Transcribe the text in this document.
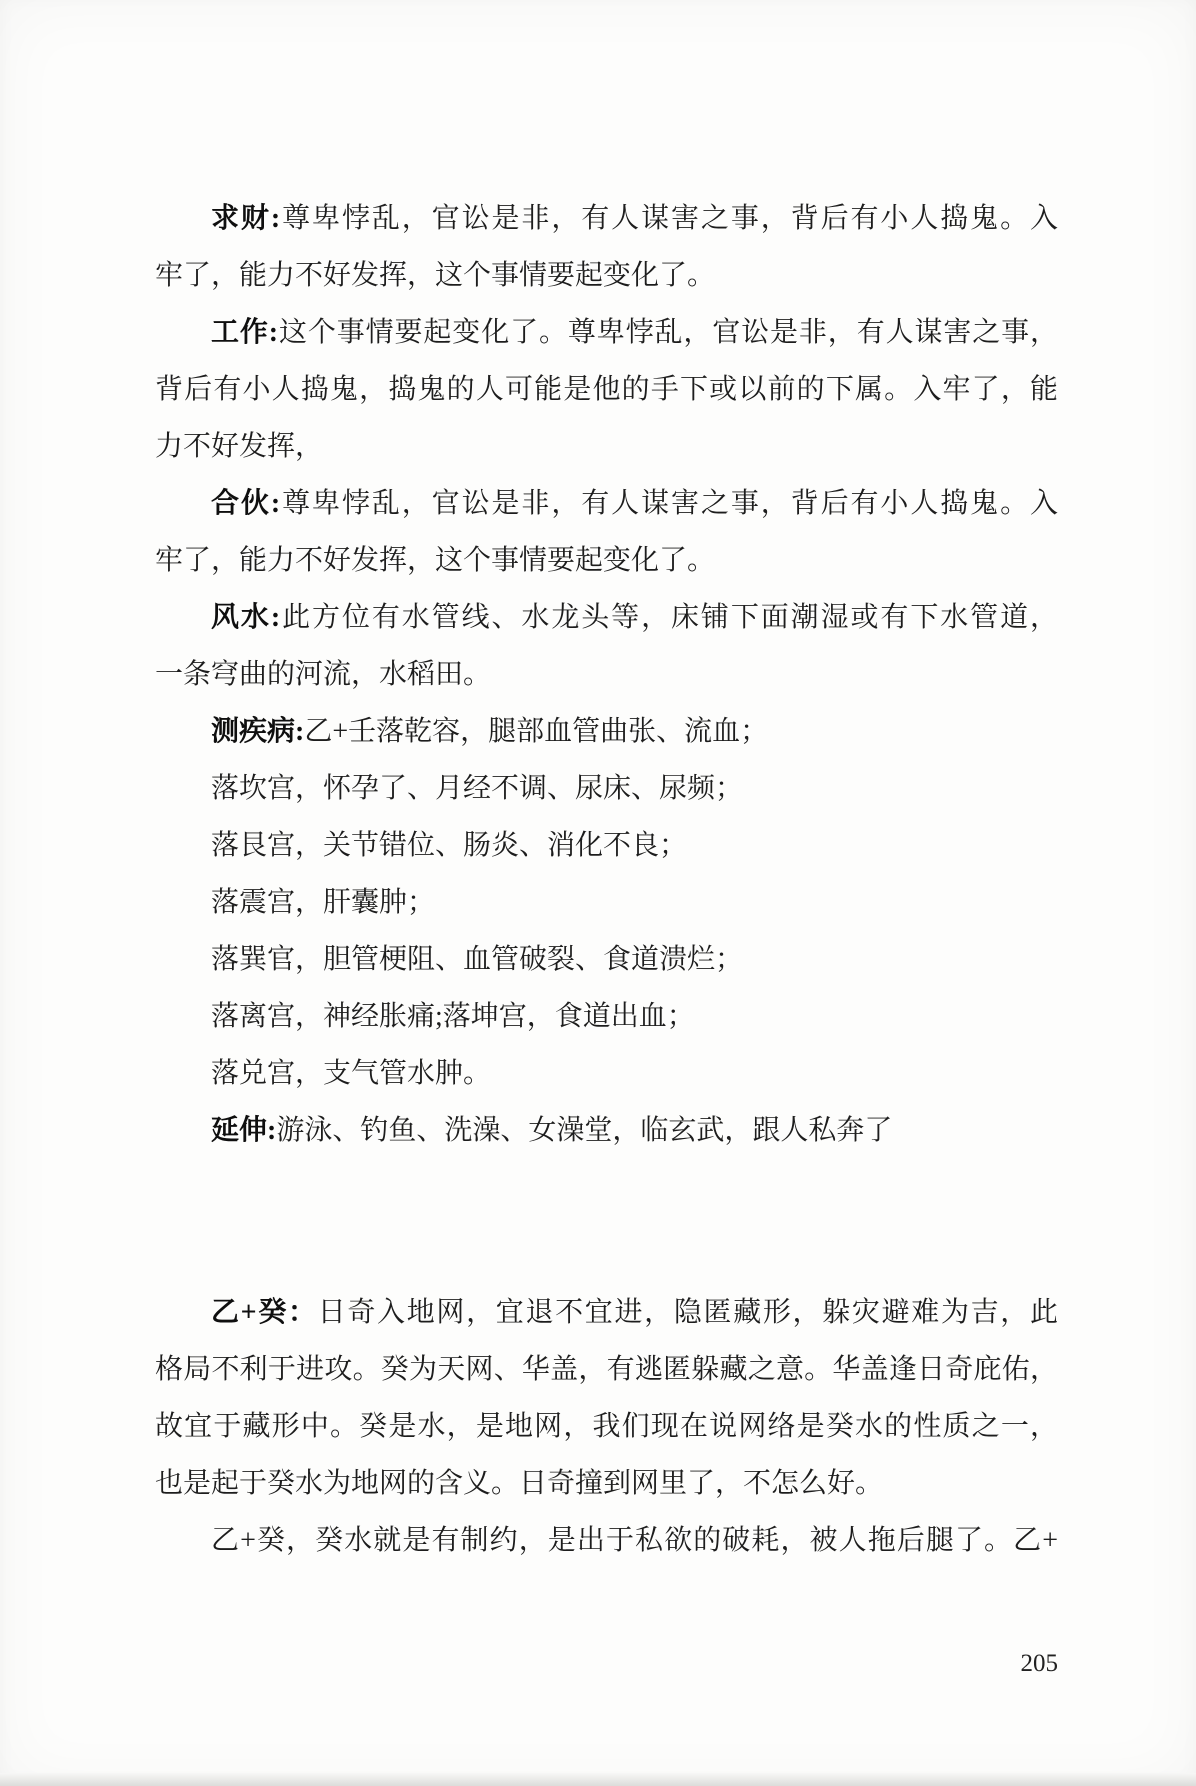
求财:尊卑悖乱，官讼是非，有人谋害之事，背后有小人捣鬼。入
牢了，能力不好发挥，这个事情要起变化了。
工作:这个事情要起变化了。尊卑悖乱，官讼是非，有人谋害之事，
背后有小人捣鬼，捣鬼的人可能是他的手下或以前的下属。入牢了，能
力不好发挥，
合伙:尊卑悖乱，官讼是非，有人谋害之事，背后有小人捣鬼。入
牢了，能力不好发挥，这个事情要起变化了。
风水:此方位有水管线、水龙头等，床铺下面潮湿或有下水管道，
一条穹曲的河流，水稻田。
测疾病:乙+壬落乾容，腿部血管曲张、流血；
落坎宫，怀孕了、月经不调、尿床、尿频；
落艮宫，关节错位、肠炎、消化不良；
落震宫，肝囊肿；
落巽官，胆管梗阻、血管破裂、食道溃烂；
落离宫，神经胀痛;落坤宫，食道出血；
落兑宫，支气管水肿。
延伸:游泳、钓鱼、洗澡、女澡堂，临玄武，跟人私奔了
乙+癸：日奇入地网，宜退不宜进，隐匿藏形，躲灾避难为吉，此
格局不利于进攻。癸为天网、华盖，有逃匿躲藏之意。华盖逢日奇庇佑，
故宜于藏形中。癸是水，是地网，我们现在说网络是癸水的性质之一，
也是起于癸水为地网的含义。日奇撞到网里了，不怎么好。
乙+癸，癸水就是有制约，是出于私欲的破耗，被人拖后腿了。乙+
205
